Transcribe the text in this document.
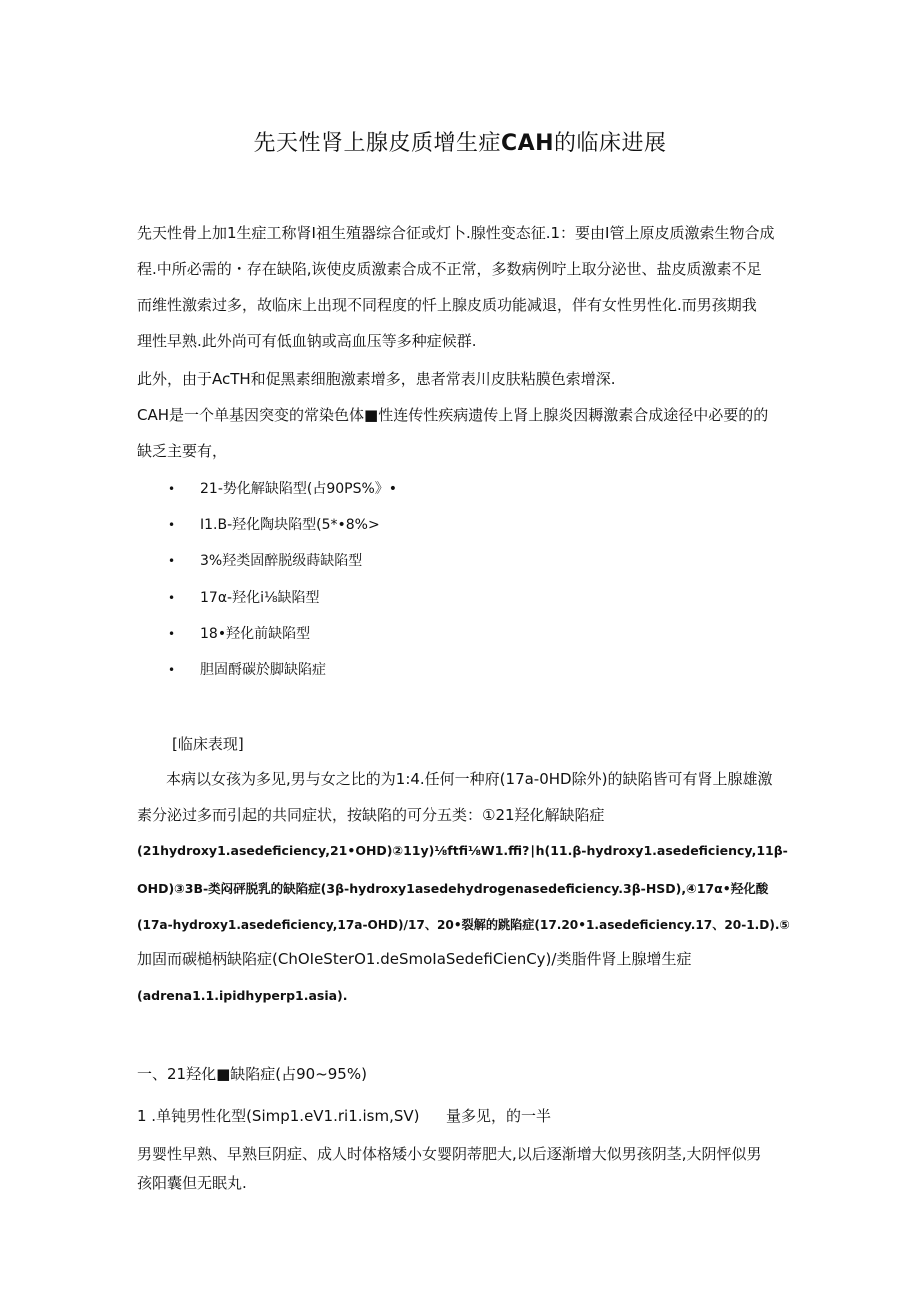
先天性肾上腺皮质增生症CAH的临床进展
先天性骨上加1生症工称肾I祖生殖器综合征或灯卜.腺性变态征.1：要由I管上原皮质激索生物合成
程.中所必需的・存在缺陷,诙使皮质激素合成不正常，多数病例咛上取分泌世、盐皮质激素不足
而维性激索过多，故临床上出现不同程度的忏上腺皮质功能减退，伴有女性男性化.而男孩期我
理性早熟.此外尚可有低血钠或高血压等多种症候群.
此外，由于AcTH和促黑素细胞激素增多，患者常表川皮肤粘膜色索增深.
CAH是一个单基因突变的常染色体■性连传性疾病遗传上肾上腺炎因耨激素合成途径中必要的的
缺乏主要有，
• 21-势化解缺陷型(占90PS%》•
• I1.B-羟化陶块陷型(5*•8%>
• 3%羟类固醉脱级蒔缺陷型
• 17α-羟化i⅛缺陷型
• 18•羟化前缺陷型
• 胆固酹碳於脚缺陷症
[临床表现]
本病以女孩为多见,男与女之比的为1:4.任何一种府(17a-0HD除外)的缺陷皆可有肾上腺雄激
素分泌过多而引起的共同症状，按缺陷的可分五类：①21羟化解缺陷症
(21hydroxy1.asedeficiency,21•OHD)②11y)⅛ftfi⅛W1.ffi?∣h(11.β-hydroxy1.asedeficiency,11β-
OHD)③3B-类闷砰脱乳的缺陷症(3β-hydroxy1asedehydrogenasedeficiency.3β-HSD),④17α•羟化酸
(17a-hydroxy1.asedeficiency,17a-OHD)/17、20•裂解的跳陷症(17.20•1.asedeficiency.17、20-1.D).⑤
加固而碳槌柄缺陷症(ChOIeSterO1.deSmoIaSedefiCienCy)/类脂件肾上腺增生症
(adrena1.1.ipidhyperp1.asia).
一、21羟化■缺陷症(占90~95%)
1 .单钝男性化型(Simp1.eV1.ri1.ism,SV) 量多见，的一半
男婴性早熟、早熟巨阴症、成人时体格矮小女婴阴蒂肥大,以后逐渐增大似男孩阴茎,大阴怦似男
孩阳囊但无眠丸.
